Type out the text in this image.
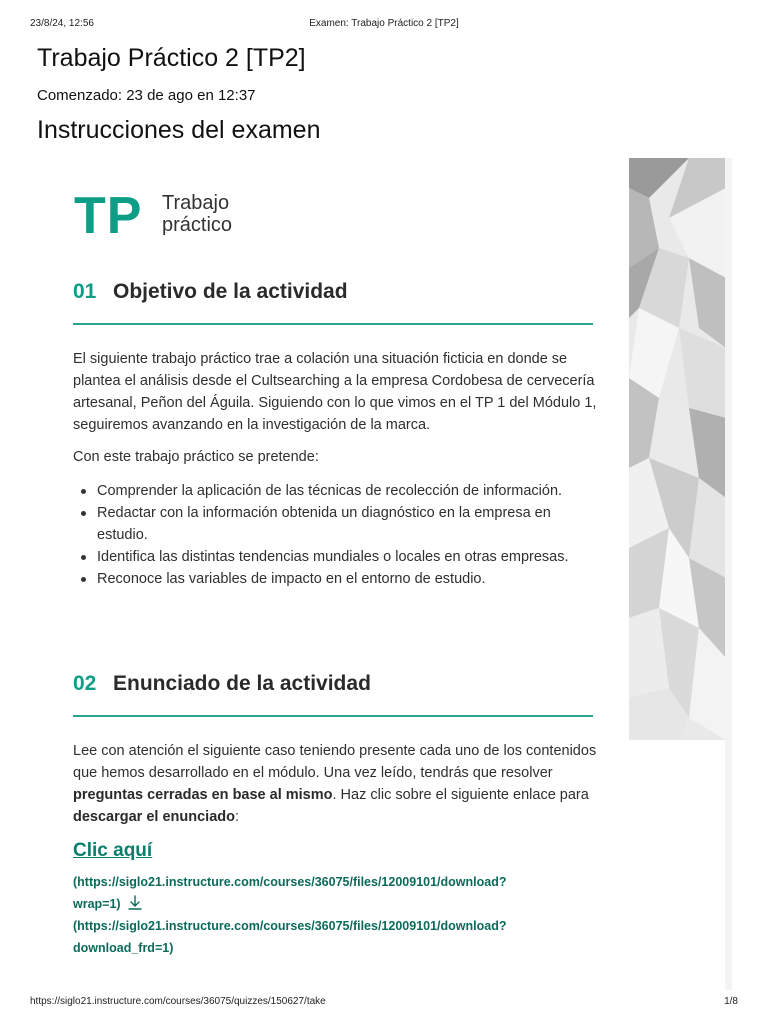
23/8/24, 12:56	Examen: Trabajo Práctico 2 [TP2]
Trabajo Práctico 2 [TP2]
Comenzado: 23 de ago en 12:37
Instrucciones del examen
TP Trabajo
práctico
01 Objetivo de la actividad

El siguiente trabajo práctico trae a colación una situación ficticia en donde se plantea el análisis desde el Cultsearching a la empresa Cordobesa de cervecería artesanal, Peñon del Águila. Siguiendo con lo que vimos en el TP 1 del Módulo 1, seguiremos avanzando en la investigación de la marca.

Con este trabajo práctico se pretende:

Comprender la aplicación de las técnicas de recolección de información.
Redactar con la información obtenida un diagnóstico en la empresa en estudio.
Identifica las distintas tendencias mundiales o locales en otras empresas.
Reconoce las variables de impacto en el entorno de estudio.
02 Enunciado de la actividad

Lee con atención el siguiente caso teniendo presente cada uno de los contenidos que hemos desarrollado en el módulo. Una vez leído, tendrás que resolver preguntas cerradas en base al mismo. Haz clic sobre el siguiente enlace para descargar el enunciado:

Clic aquí
(https://siglo21.instructure.com/courses/36075/files/12009101/download?
wrap=1)
(https://siglo21.instructure.com/courses/36075/files/12009101/download?
download_frd=1)
https://siglo21.instructure.com/courses/36075/quizzes/150627/take	1/8
